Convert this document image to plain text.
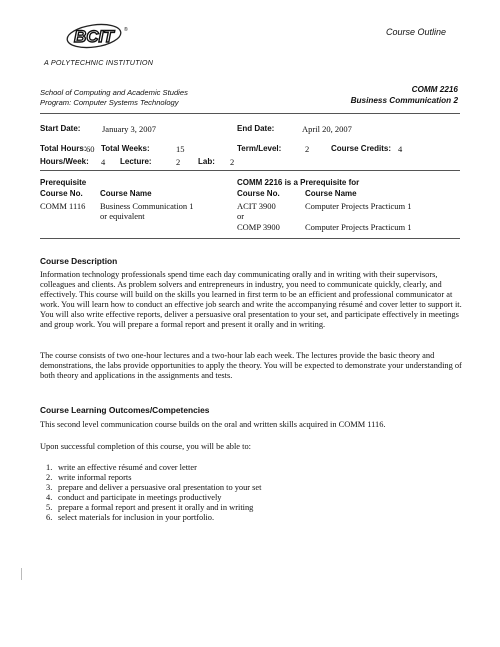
BCIT	®
A POLYTECHNIC INSTITUTION
Course Outline
School of Computing and Academic Studies
Program: Computer Systems Technology
COMM 2216
Business Communication 2
Start Date:	January 3, 2007	End Date:	April 20, 2007
Total Hours: 60 Total Weeks:	15	Term/Level:	2	Course Credits: 4
Hours/Week: 4 Lecture:	2 Lab: 2
Prerequisite
Course No. Course Name
COMM 1116 Business Communication 1
or equivalent
COMM 2216 is a Prerequisite for
Course No.	Course Name
ACIT 3900	Computer Projects Practicum 1
or
COMP 3900	Computer Projects Practicum 1
Course Description
Information technology professionals spend time each day communicating orally and in writing with their supervisors, colleagues and clients. As problem solvers and entrepreneurs in industry, you need to communicate quickly, clearly, and effectively. This course will build on the skills you learned in first term to be an efficient and professional communicator at work. You will learn how to conduct an effective job search and write the accompanying résumé and cover letter to support it. You will also write effective reports, deliver a persuasive oral presentation to your set, and participate effectively in meetings and group work. You will prepare a formal report and present it orally and in writing.
The course consists of two one-hour lectures and a two-hour lab each week. The lectures provide the basic theory and demonstrations, the labs provide opportunities to apply the theory. You will be expected to demonstrate your understanding of both theory and applications in the assignments and tests.
Course Learning Outcomes/Competencies
This second level communication course builds on the oral and written skills acquired in COMM 1116.
Upon successful completion of this course, you will be able to:
1. write an effective résumé and cover letter
2. write informal reports
3. prepare and deliver a persuasive oral presentation to your set
4. conduct and participate in meetings productively
5. prepare a formal report and present it orally and in writing
6. select materials for inclusion in your portfolio.
